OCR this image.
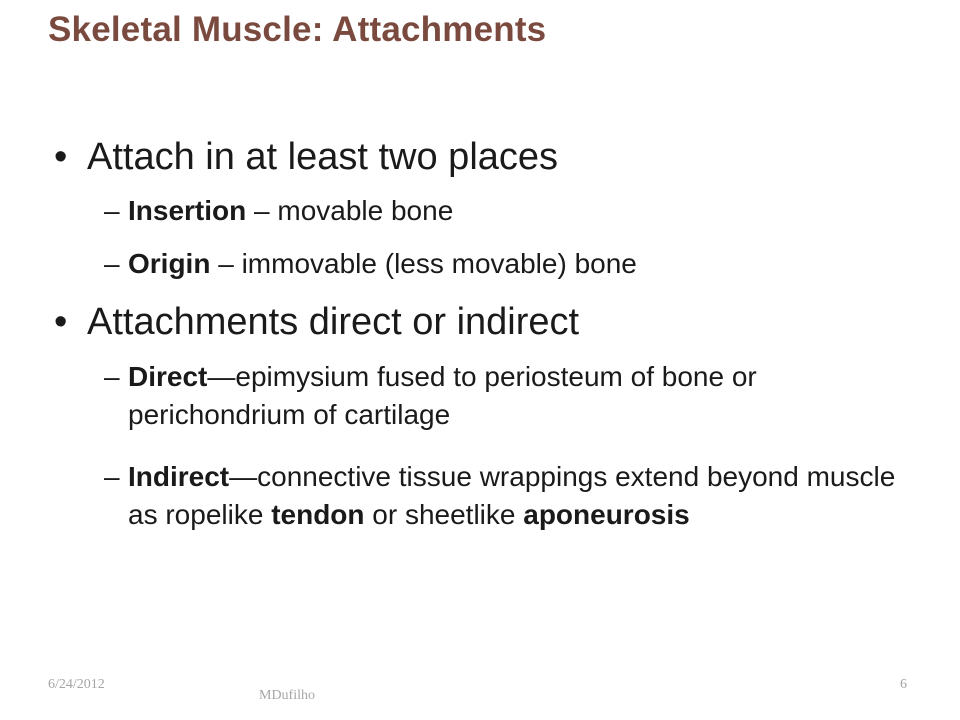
Skeletal Muscle: Attachments
• Attach in at least two places
– Insertion – movable bone
– Origin – immovable (less movable) bone
• Attachments direct or indirect
– Direct—epimysium fused to periosteum of bone or perichondrium of cartilage
– Indirect—connective tissue wrappings extend beyond muscle as ropelike tendon or sheetlike aponeurosis
6/24/2012
MDufilho
6
